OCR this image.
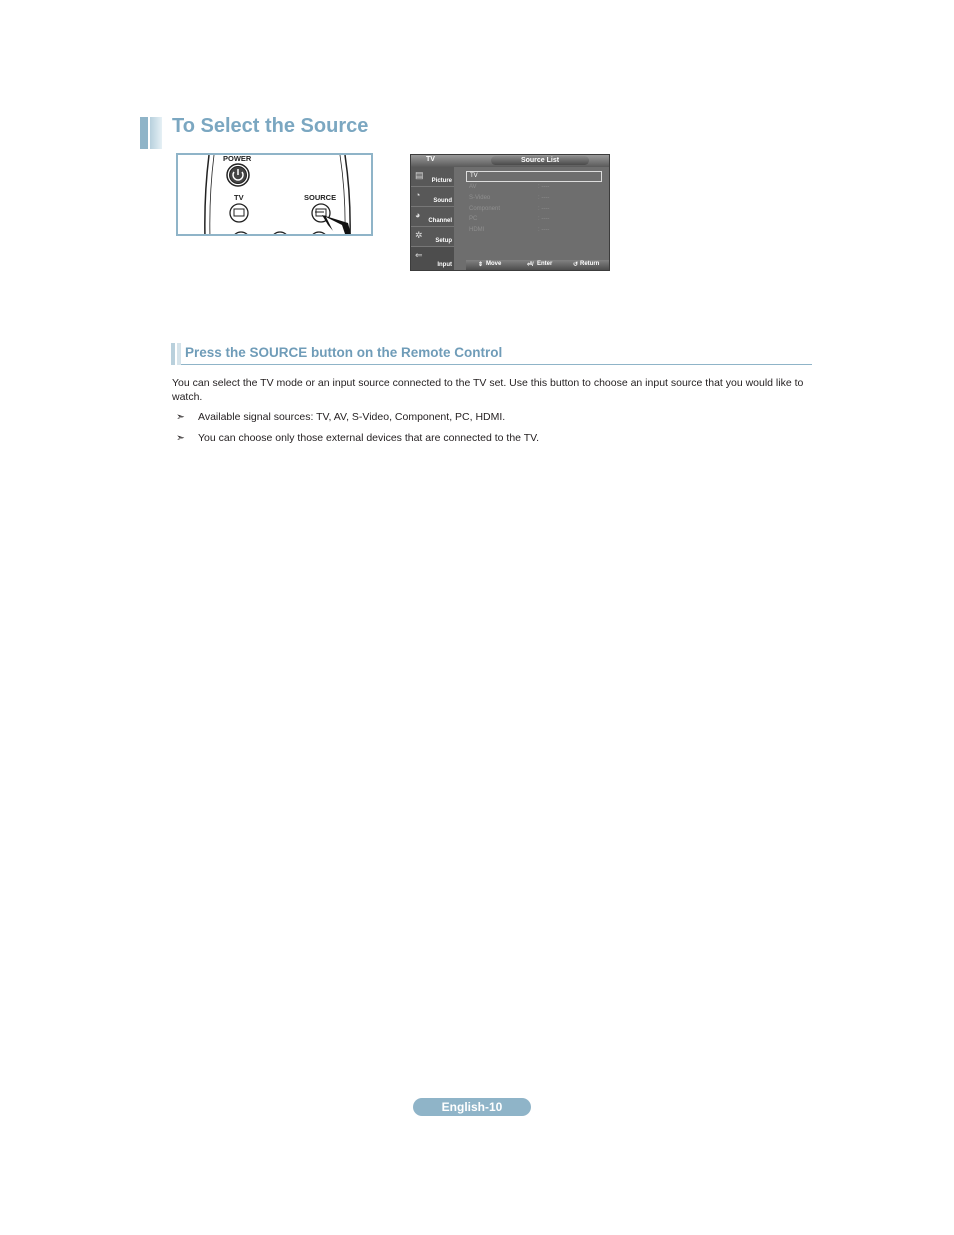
To Select the Source
POWER
TV	SOURCE
TV	Source List
▤
Picture
◔
Sound
◕
Channel
✲
Setup
⇐
Input
TV
AV	: ----
S-Video	: ----
Component	: ----
PC	: ----
HDMI	: ----
⇕ Move	⏎/ Enter	↺ Return
Press the SOURCE button on the Remote Control

You can select the TV mode or an input source connected to the TV set. Use this button to choose an input source that you would like to watch.

➣ Available signal sources: TV, AV, S-Video, Component, PC, HDMI.
➣ You can choose only those external devices that are connected to the TV.
English-10
